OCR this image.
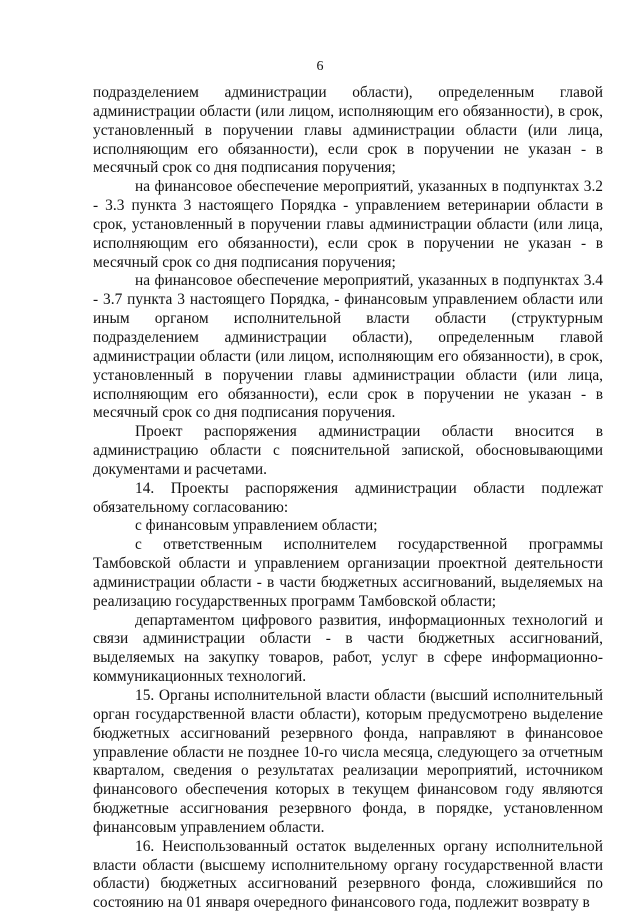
6

подразделением администрации области), определенным главой администрации области (или лицом, исполняющим его обязанности), в срок, установленный в поручении главы администрации области (или лица, исполняющим его обязанности), если срок в поручении не указан - в месячный срок со дня подписания поручения;

на финансовое обеспечение мероприятий, указанных в подпунктах 3.2 - 3.3 пункта 3 настоящего Порядка - управлением ветеринарии области в срок, установленный в поручении главы администрации области (или лица, исполняющим его обязанности), если срок в поручении не указан - в месячный срок со дня подписания поручения;

на финансовое обеспечение мероприятий, указанных в подпунктах 3.4 - 3.7 пункта 3 настоящего Порядка, - финансовым управлением области или иным органом исполнительной власти области (структурным подразделением администрации области), определенным главой администрации области (или лицом, исполняющим его обязанности), в срок, установленный в поручении главы администрации области (или лица, исполняющим его обязанности), если срок в поручении не указан - в месячный срок со дня подписания поручения.

Проект распоряжения администрации области вносится в администрацию области с пояснительной запиской, обосновывающими документами и расчетами.

14. Проекты распоряжения администрации области подлежат обязательному согласованию:

с финансовым управлением области;

с ответственным исполнителем государственной программы Тамбовской области и управлением организации проектной деятельности администрации области - в части бюджетных ассигнований, выделяемых на реализацию государственных программ Тамбовской области;

департаментом цифрового развития, информационных технологий и связи администрации области - в части бюджетных ассигнований, выделяемых на закупку товаров, работ, услуг в сфере информационно-коммуникационных технологий.

15. Органы исполнительной власти области (высший исполнительный орган государственной власти области), которым предусмотрено выделение бюджетных ассигнований резервного фонда, направляют в финансовое управление области не позднее 10-го числа месяца, следующего за отчетным кварталом, сведения о результатах реализации мероприятий, источником финансового обеспечения которых в текущем финансовом году являются бюджетные ассигнования резервного фонда, в порядке, установленном финансовым управлением области.

16. Неиспользованный остаток выделенных органу исполнительной власти области (высшему исполнительному органу государственной власти области) бюджетных ассигнований резервного фонда, сложившийся по состоянию на 01 января очередного финансового года, подлежит возврату в
